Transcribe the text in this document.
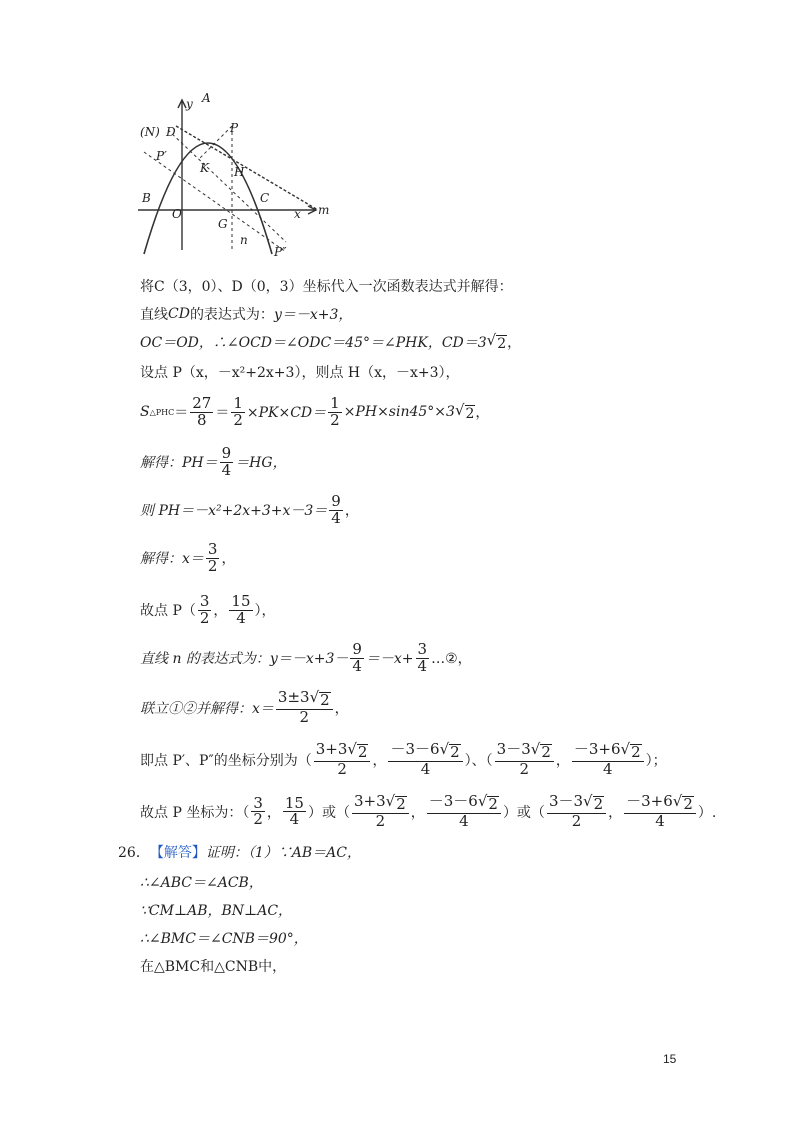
y A
(N) D	P
P′
K H
B	C
O	x m
G
n
P″
将C（3，0）、D（0，3）坐标代入一次函数表达式并解得：
直线 CD 的表达式为： y＝－x+3，
OC＝OD，∴∠OCD＝∠ODC＝45°＝∠PHK，CD＝3 √ 2 ，
设点 P（x，－x²+2x+3），则点 H（x，－x+3），
S △PHC ＝ $\frac{27}{8} = \frac{1}{2} \times PK\times CD= \frac{1}{2} \times PH\times\sin 45^\circ\times 3$ √ 2 ，
解得：$PH= \frac{9}{4} =HG$，
则 $PH=-x^2+2x+3+x-3= \frac{9}{4}$ ，
解得：$x= \frac{3}{2}$ ，
故点 $P( \frac{3}{2}$ ， $\frac{15}{4}$ ），
直线 n 的表达式为：$y=-x+3- \frac{9}{4} =-x+ \frac{3}{4}$ …②，
联立①②并解得：$x= \frac{3\pm 3 √ 2}{2}$ ，
即点 P′、P″的坐标分别为（ $\frac{3+3 √ 2}{2}$ ， $\frac{-3-6 √ 2}{4}$ ）、（ $\frac{3-3 √ 2}{2}$ ， $\frac{-3+6 √ 2}{4}$ ）；
故点 P 坐标为：（ $\frac{3}{2}$ ， $\frac{15}{4}$ ）或（ $\frac{3+3 √ 2}{2}$ ， $\frac{-3-6 √ 2}{4}$ ）或（ $\frac{3-3 √ 2}{2}$ ， $\frac{-3+6 √ 2}{4}$ ）.
26． 【解答】 证明：（1）∵AB＝AC，
∴∠ABC＝∠ACB，
∵CM⊥AB，BN⊥AC，
∴∠BMC＝∠CNB＝90°，
在△BMC和△CNB中，
15
